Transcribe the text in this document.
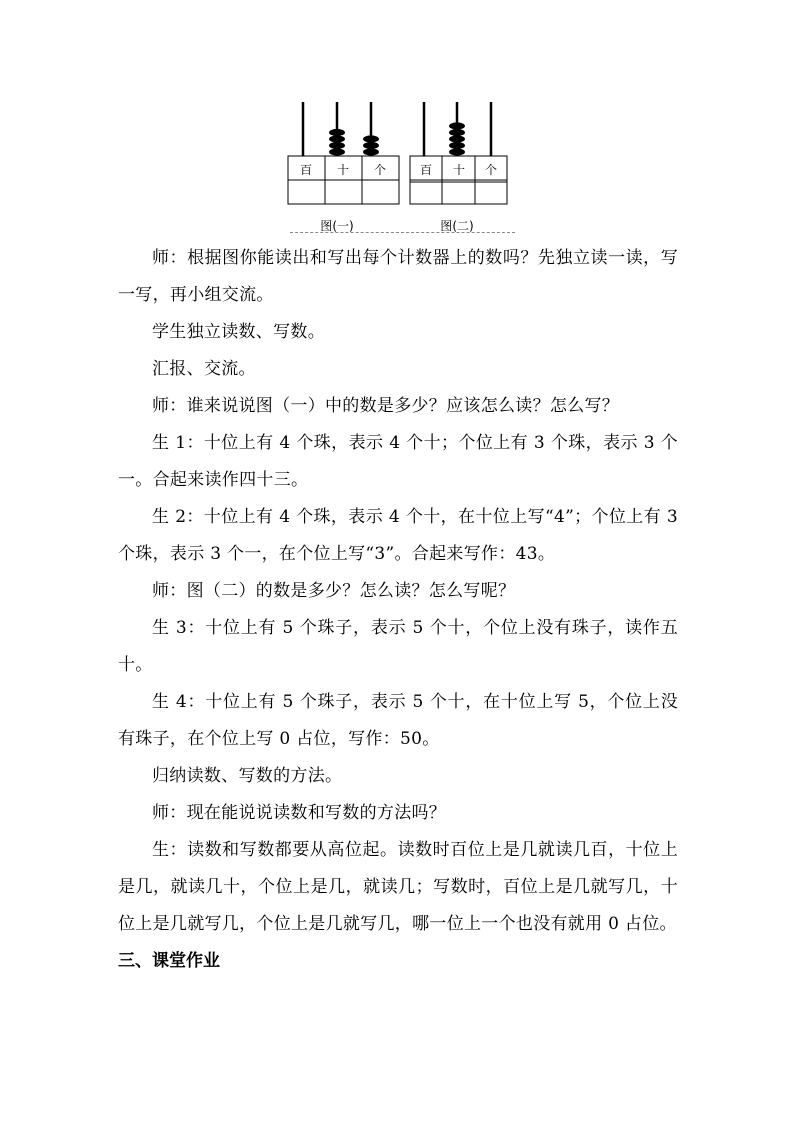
百 十 个
图(一)
百 十 个
图(二)

师：根据图你能读出和写出每个计数器上的数吗？先独立读一读，写一写，再小组交流。

学生独立读数、写数。

汇报、交流。

师：谁来说说图（一）中的数是多少？应该怎么读？怎么写？

生 1：十位上有 4 个珠，表示 4 个十；个位上有 3 个珠，表示 3 个一。合起来读作四十三。

生 2：十位上有 4 个珠，表示 4 个十，在十位上写“4”；个位上有 3 个珠，表示 3 个一，在个位上写“3”。合起来写作：43。

师：图（二）的数是多少？怎么读？怎么写呢？

生 3：十位上有 5 个珠子，表示 5 个十，个位上没有珠子，读作五十。

生 4：十位上有 5 个珠子，表示 5 个十，在十位上写 5，个位上没有珠子，在个位上写 0 占位，写作：50。

归纳读数、写数的方法。

师：现在能说说读数和写数的方法吗？

生：读数和写数都要从高位起。读数时百位上是几就读几百，十位上是几，就读几十，个位上是几，就读几；写数时，百位上是几就写几，十位上是几就写几，个位上是几就写几，哪一位上一个也没有就用 0 占位。

三、课堂作业
